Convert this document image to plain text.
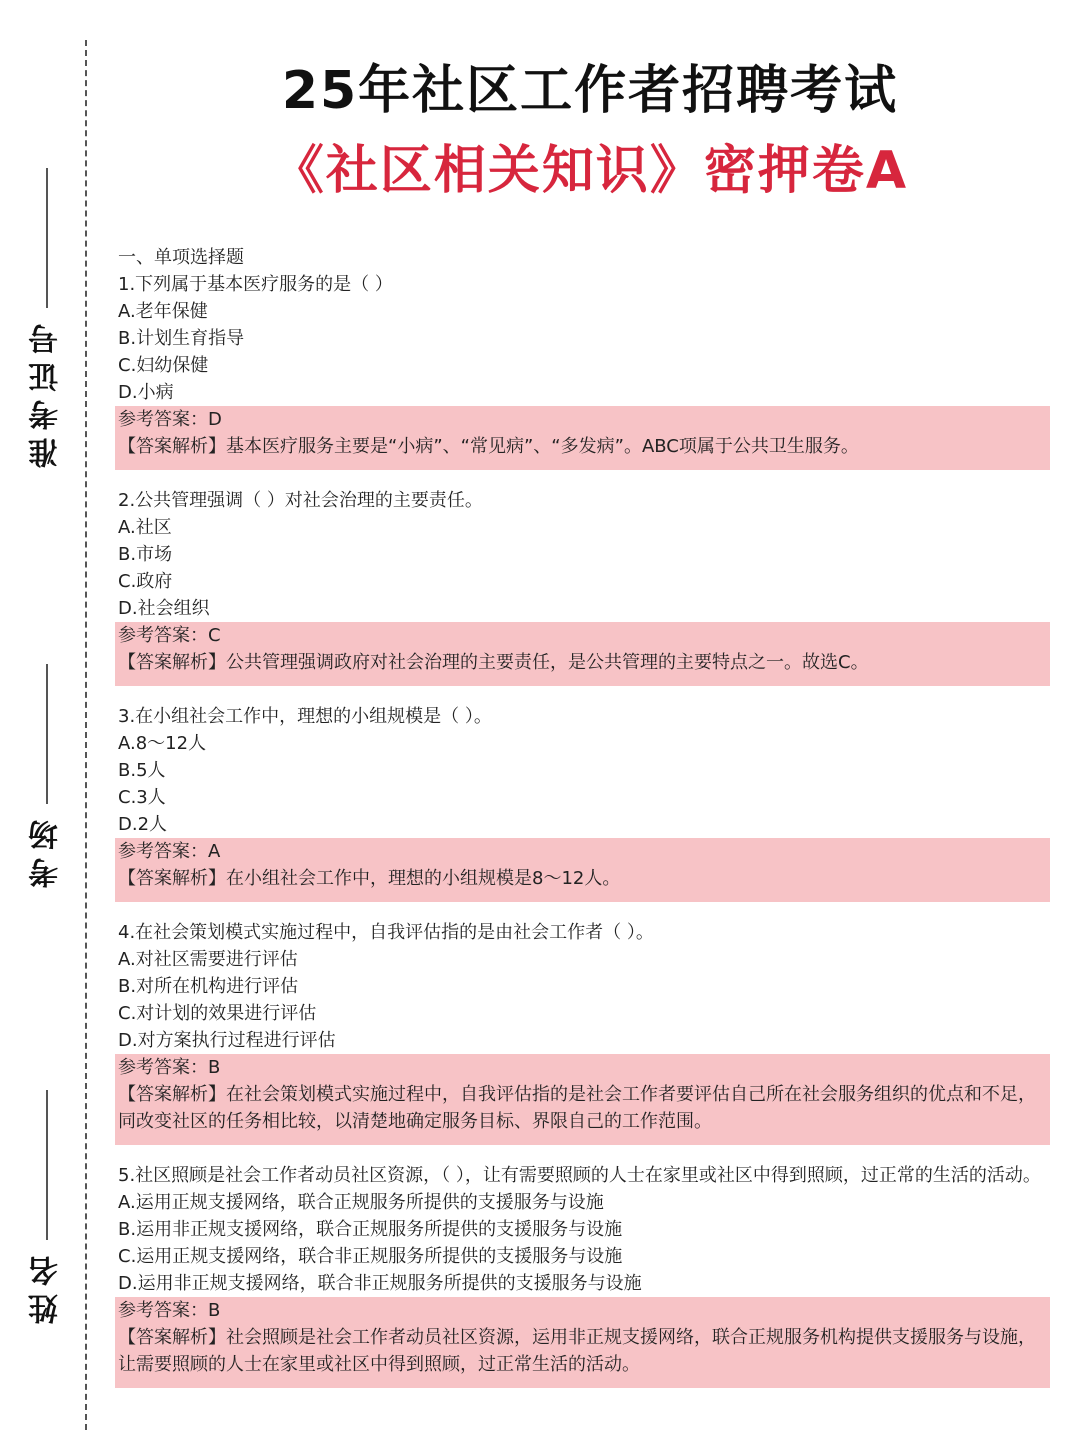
准考证号
考场
姓名
25年社区工作者招聘考试
《社区相关知识》密押卷A
一、单项选择题
1.下列属于基本医疗服务的是（ ）
A.老年保健
B.计划生育指导
C.妇幼保健
D.小病
参考答案：D
【答案解析】基本医疗服务主要是“小病”、“常见病”、“多发病”。ABC项属于公共卫生服务。
2.公共管理强调（ ）对社会治理的主要责任。
A.社区
B.市场
C.政府
D.社会组织
参考答案：C
【答案解析】公共管理强调政府对社会治理的主要责任，是公共管理的主要特点之一。故选C。
3.在小组社会工作中，理想的小组规模是（ ）。
A.8～12人
B.5人
C.3人
D.2人
参考答案：A
【答案解析】在小组社会工作中，理想的小组规模是8～12人。
4.在社会策划模式实施过程中，自我评估指的是由社会工作者（ ）。
A.对社区需要进行评估
B.对所在机构进行评估
C.对计划的效果进行评估
D.对方案执行过程进行评估
参考答案：B
【答案解析】在社会策划模式实施过程中，自我评估指的是社会工作者要评估自己所在社会服务组织的优点和不足，同改变社区的任务相比较，以清楚地确定服务目标、界限自己的工作范围。
5.社区照顾是社会工作者动员社区资源，（ ），让有需要照顾的人士在家里或社区中得到照顾，过正常的生活的活动。
A.运用正规支援网络，联合正规服务所提供的支援服务与设施
B.运用非正规支援网络，联合正规服务所提供的支援服务与设施
C.运用正规支援网络，联合非正规服务所提供的支援服务与设施
D.运用非正规支援网络，联合非正规服务所提供的支援服务与设施
参考答案：B
【答案解析】社会照顾是社会工作者动员社区资源，运用非正规支援网络，联合正规服务机构提供支援服务与设施，让需要照顾的人士在家里或社区中得到照顾，过正常生活的活动。
